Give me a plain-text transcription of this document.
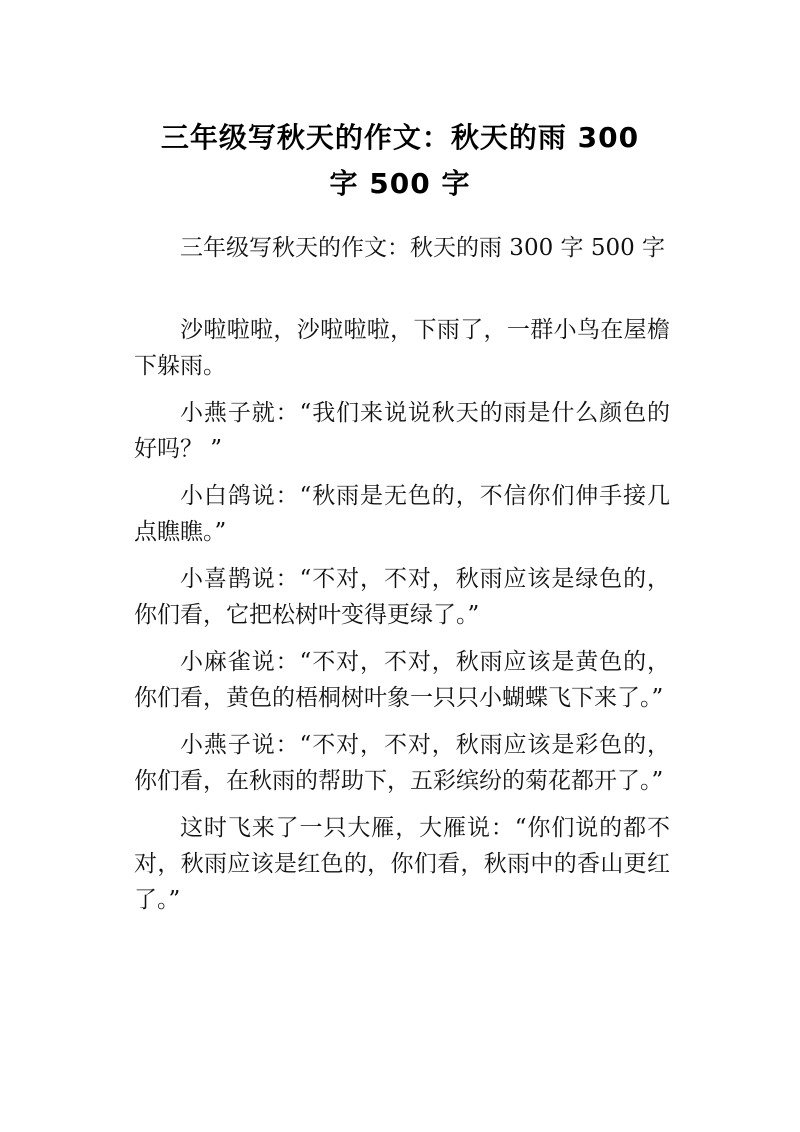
三年级写秋天的作文：秋天的雨 300
字 500 字

三年级写秋天的作文：秋天的雨 300 字 500 字

沙啦啦啦，沙啦啦啦，下雨了，一群小鸟在屋檐下躲雨。

小燕子就：“我们来说说秋天的雨是什么颜色的好吗？ ”

小白鸽说：“秋雨是无色的，不信你们伸手接几点瞧瞧。”

小喜鹊说：“不对，不对，秋雨应该是绿色的，你们看，它把松树叶变得更绿了。”

小麻雀说：“不对，不对，秋雨应该是黄色的，你们看，黄色的梧桐树叶象一只只小蝴蝶飞下来了。”

小燕子说：“不对，不对，秋雨应该是彩色的，你们看，在秋雨的帮助下，五彩缤纷的菊花都开了。”

这时飞来了一只大雁，大雁说：“你们说的都不对，秋雨应该是红色的，你们看，秋雨中的香山更红了。”
